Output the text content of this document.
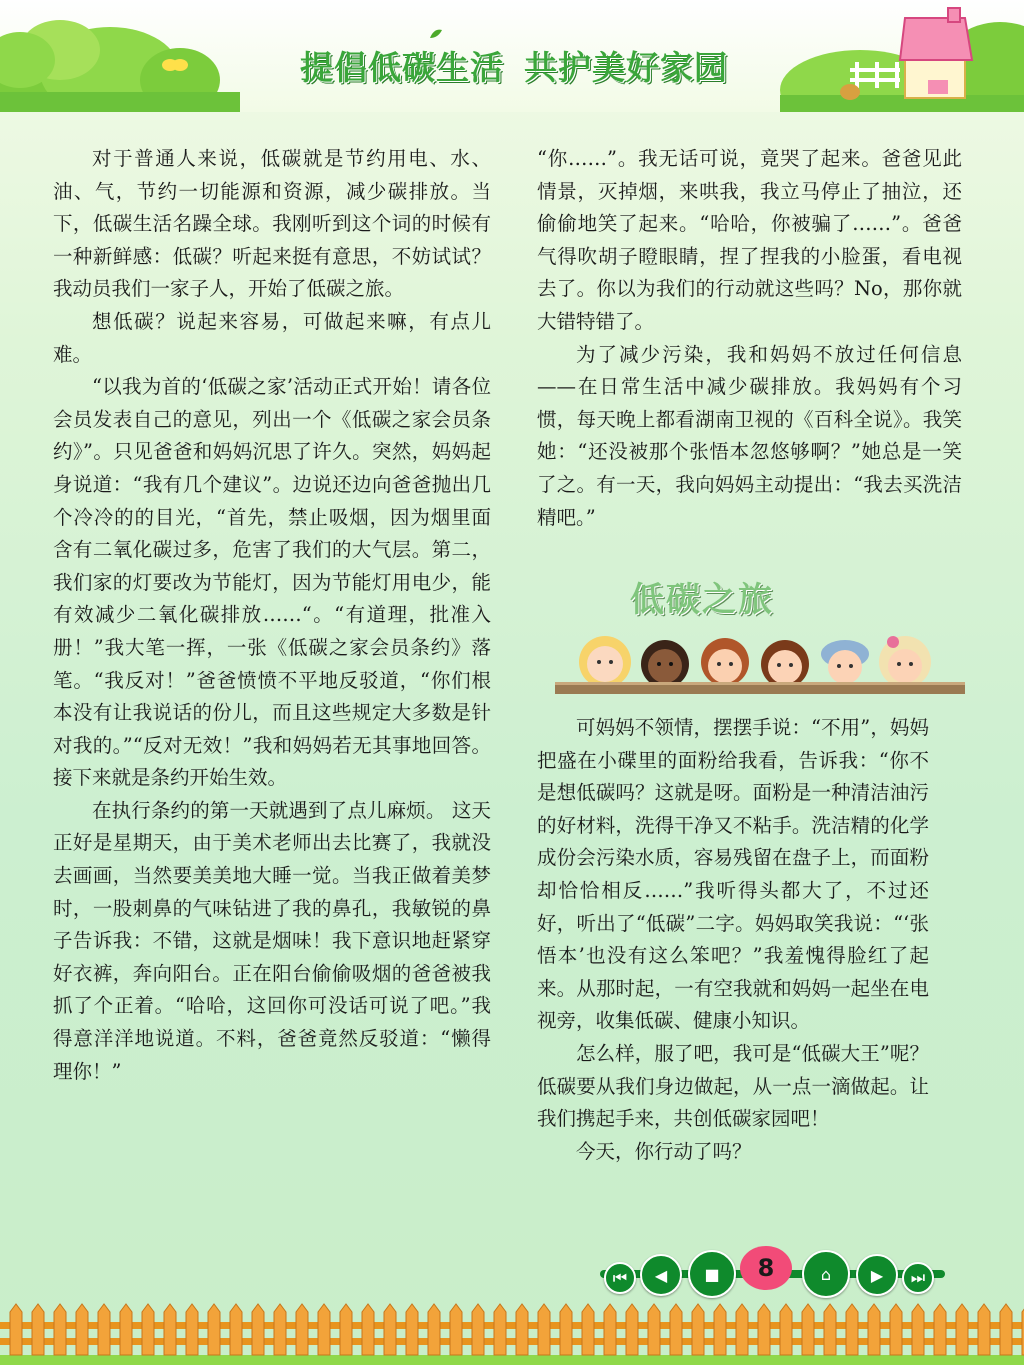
提倡低碳生活 共护美好家园

对于普通人来说，低碳就是节约用电、水、油、气，节约一切能源和资源，减少碳排放。当下，低碳生活名躁全球。我刚听到这个词的时候有一种新鲜感：低碳？听起来挺有意思，不妨试试？我动员我们一家子人，开始了低碳之旅。

想低碳？说起来容易，可做起来嘛，有点儿难。

“以我为首的‘低碳之家’活动正式开始！请各位会员发表自己的意见，列出一个《低碳之家会员条约》”。只见爸爸和妈妈沉思了许久。突然，妈妈起身说道：“我有几个建议”。边说还边向爸爸抛出几个冷冷的的目光，“首先，禁止吸烟，因为烟里面含有二氧化碳过多，危害了我们的大气层。第二，我们家的灯要改为节能灯，因为节能灯用电少，能有效减少二氧化碳排放……“。“有道理，批准入册！”我大笔一挥，一张《低碳之家会员条约》落笔。“我反对！”爸爸愤愤不平地反驳道，“你们根本没有让我说话的份儿，而且这些规定大多数是针对我的。”“反对无效！”我和妈妈若无其事地回答。接下来就是条约开始生效。

在执行条约的第一天就遇到了点儿麻烦。 这天正好是星期天，由于美术老师出去比赛了，我就没去画画，当然要美美地大睡一觉。当我正做着美梦时，一股刺鼻的气味钻进了我的鼻孔，我敏锐的鼻子告诉我：不错，这就是烟味！我下意识地赶紧穿好衣裤，奔向阳台。正在阳台偷偷吸烟的爸爸被我抓了个正着。“哈哈，这回你可没话可说了吧。”我得意洋洋地说道。不料，爸爸竟然反驳道：“懒得理你！”

“你……”。我无话可说，竟哭了起来。爸爸见此情景，灭掉烟，来哄我，我立马停止了抽泣，还偷偷地笑了起来。“哈哈，你被骗了……”。爸爸气得吹胡子瞪眼睛，捏了捏我的小脸蛋，看电视去了。你以为我们的行动就这些吗？No，那你就大错特错了。

为了减少污染，我和妈妈不放过任何信息——在日常生活中减少碳排放。我妈妈有个习惯，每天晚上都看湖南卫视的《百科全说》。我笑她：“还没被那个张悟本忽悠够啊？”她总是一笑了之。有一天，我向妈妈主动提出：“我去买洗洁精吧。”

低碳之旅

可妈妈不领情，摆摆手说：“不用”，妈妈把盛在小碟里的面粉给我看，告诉我：“你不是想低碳吗？这就是呀。面粉是一种清洁油污的好材料，洗得干净又不粘手。洗洁精的化学成份会污染水质，容易残留在盘子上，而面粉却恰恰相反……”我听得头都大了，不过还好，听出了“低碳”二字。妈妈取笑我说：“‘张悟本’也没有这么笨吧？”我羞愧得脸红了起来。从那时起，一有空我就和妈妈一起坐在电视旁，收集低碳、健康小知识。

怎么样，服了吧，我可是“低碳大王”呢？低碳要从我们身边做起，从一点一滴做起。让我们携起手来，共创低碳家园吧！

今天，你行动了吗？

⏮ ◀ ■	⌂ ▶ ⏭
8
